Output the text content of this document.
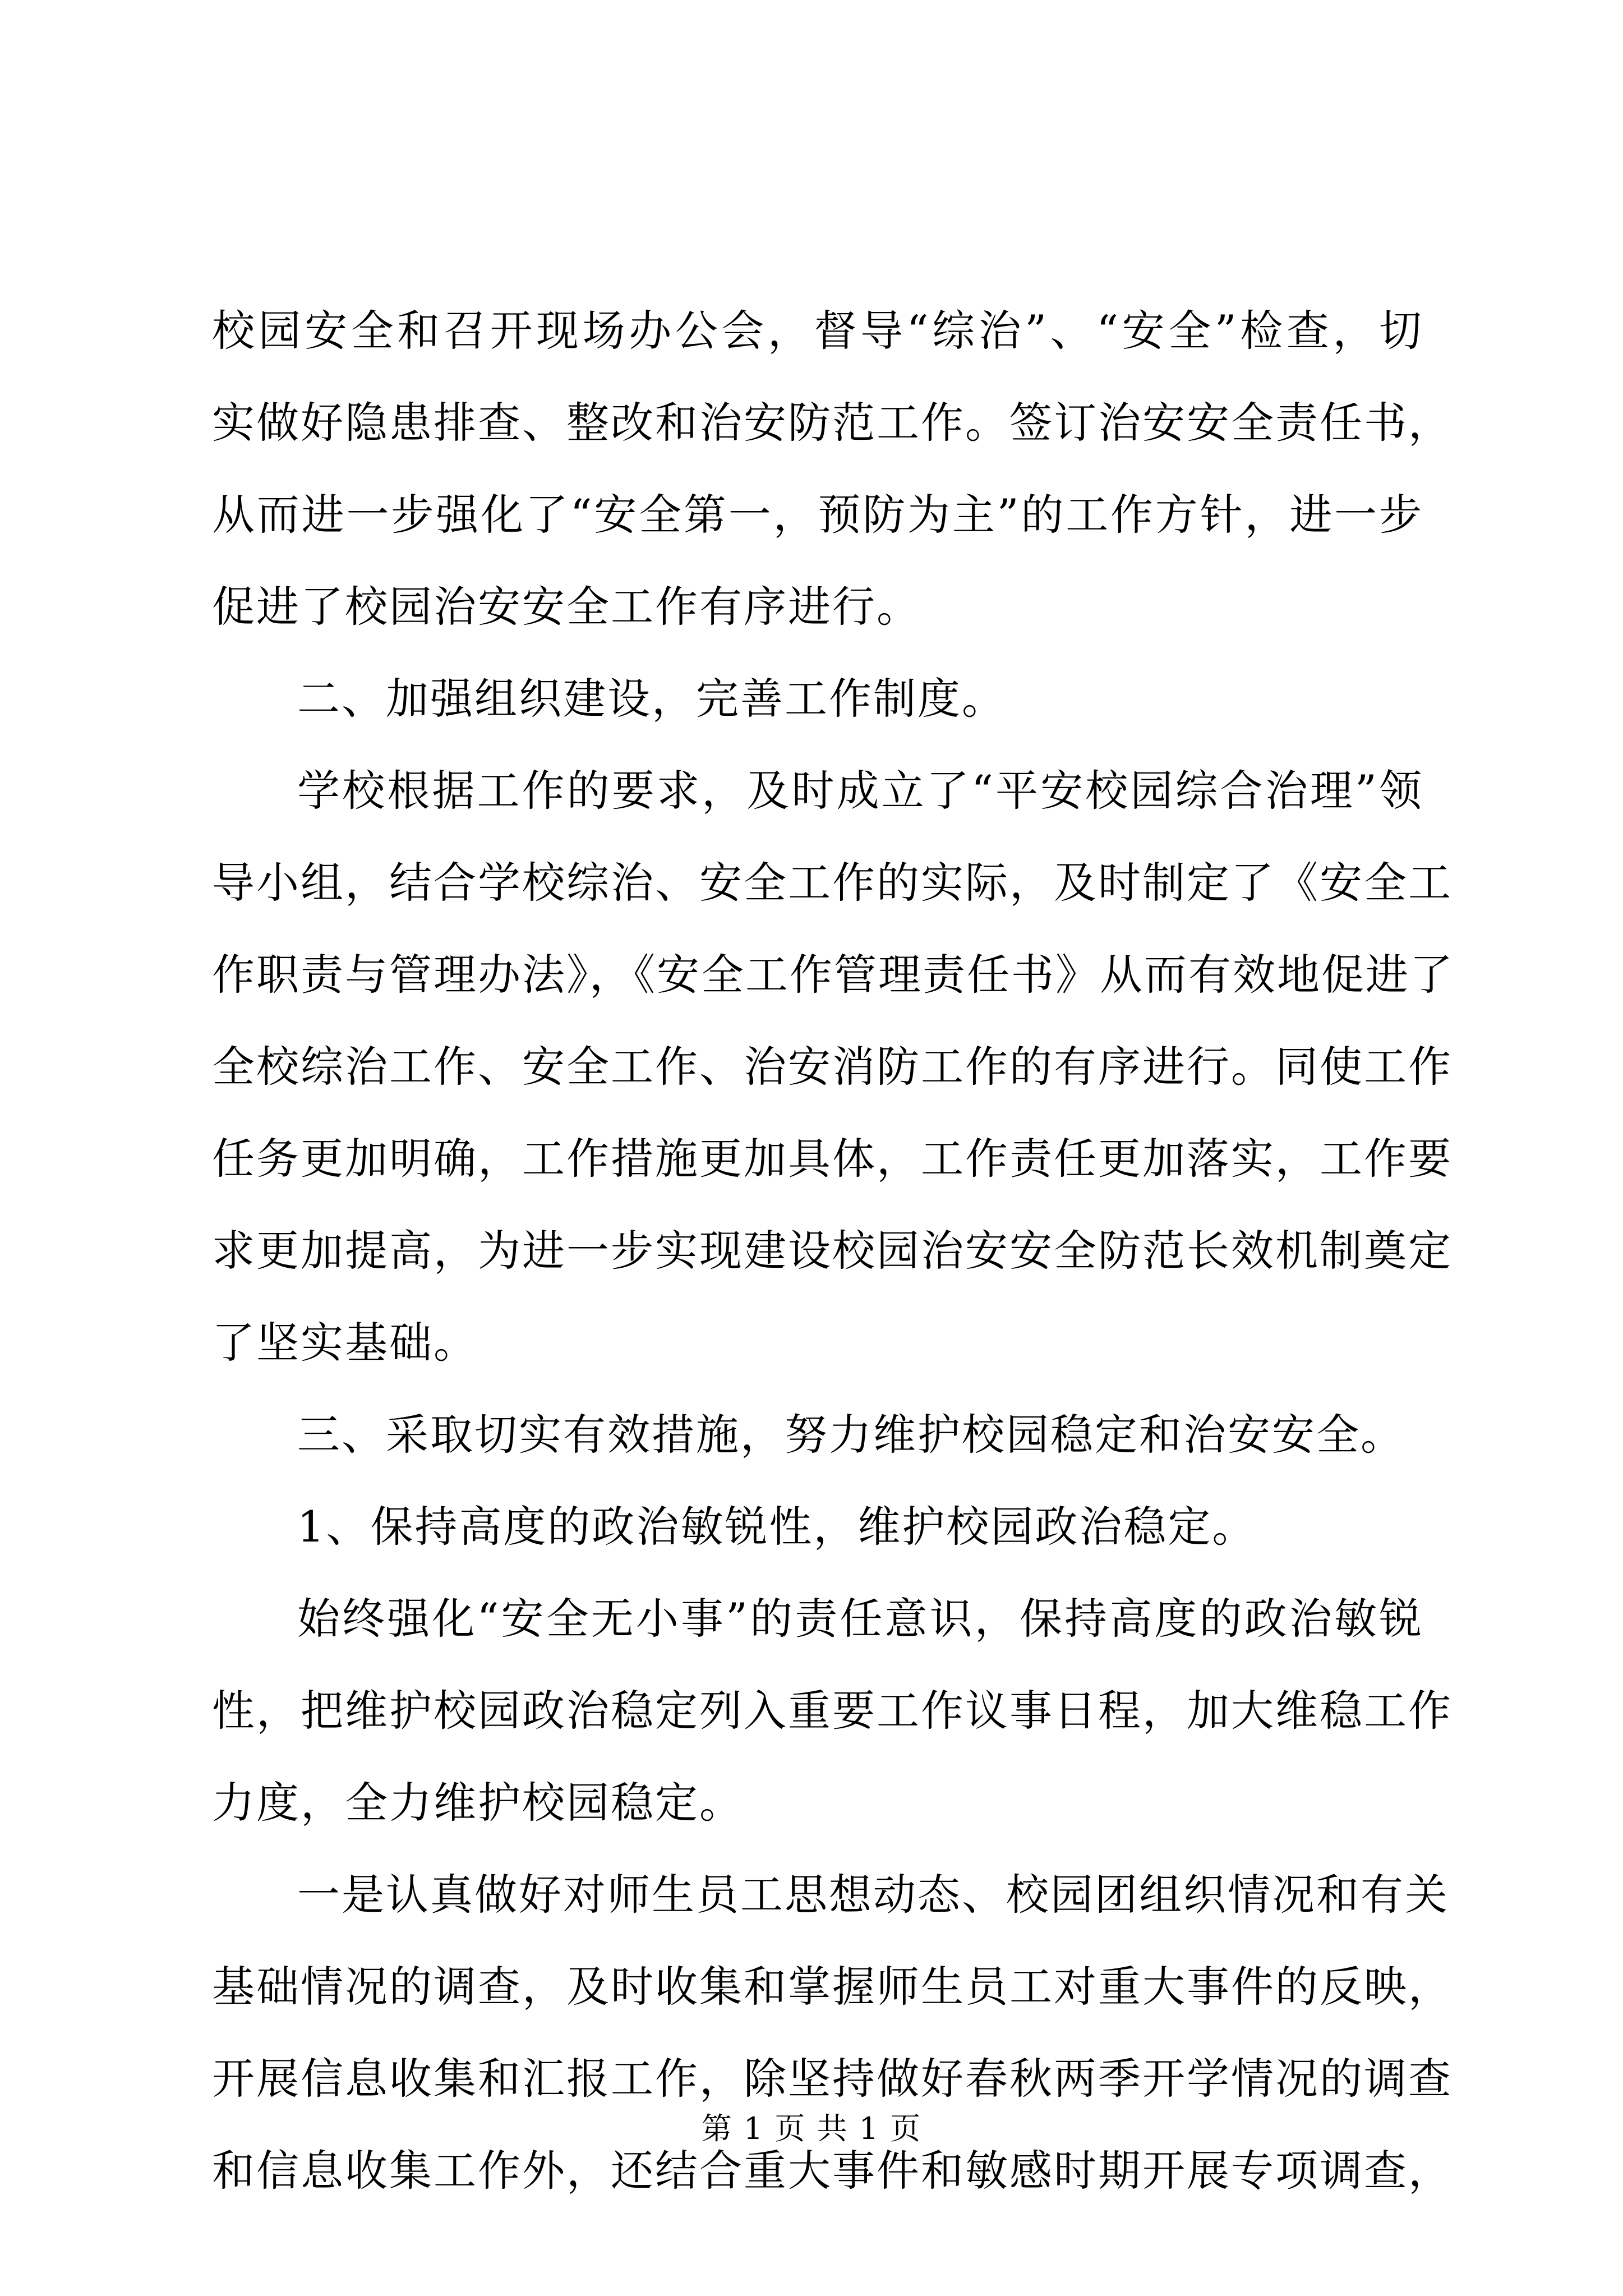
校园安全和召开现场办公会，督导“综治”、“安全”检查，切
实做好隐患排查、整改和治安防范工作。签订治安安全责任书，
从而进一步强化了“安全第一，预防为主”的工作方针，进一步
促进了校园治安安全工作有序进行。
二、加强组织建设，完善工作制度。
学校根据工作的要求，及时成立了“平安校园综合治理”领
导小组，结合学校综治、安全工作的实际，及时制定了《安全工
作职责与管理办法》，《安全工作管理责任书》从而有效地促进了
全校综治工作、安全工作、治安消防工作的有序进行。同使工作
任务更加明确，工作措施更加具体，工作责任更加落实，工作要
求更加提高，为进一步实现建设校园治安安全防范长效机制奠定
了坚实基础。
三、采取切实有效措施，努力维护校园稳定和治安安全。
1、保持高度的政治敏锐性，维护校园政治稳定。
始终强化“安全无小事”的责任意识，保持高度的政治敏锐
性，把维护校园政治稳定列入重要工作议事日程，加大维稳工作
力度，全力维护校园稳定。
一是认真做好对师生员工思想动态、校园团组织情况和有关
基础情况的调查，及时收集和掌握师生员工对重大事件的反映，
开展信息收集和汇报工作，除坚持做好春秋两季开学情况的调查
和信息收集工作外，还结合重大事件和敏感时期开展专项调查，
第 1 页 共 1 页
